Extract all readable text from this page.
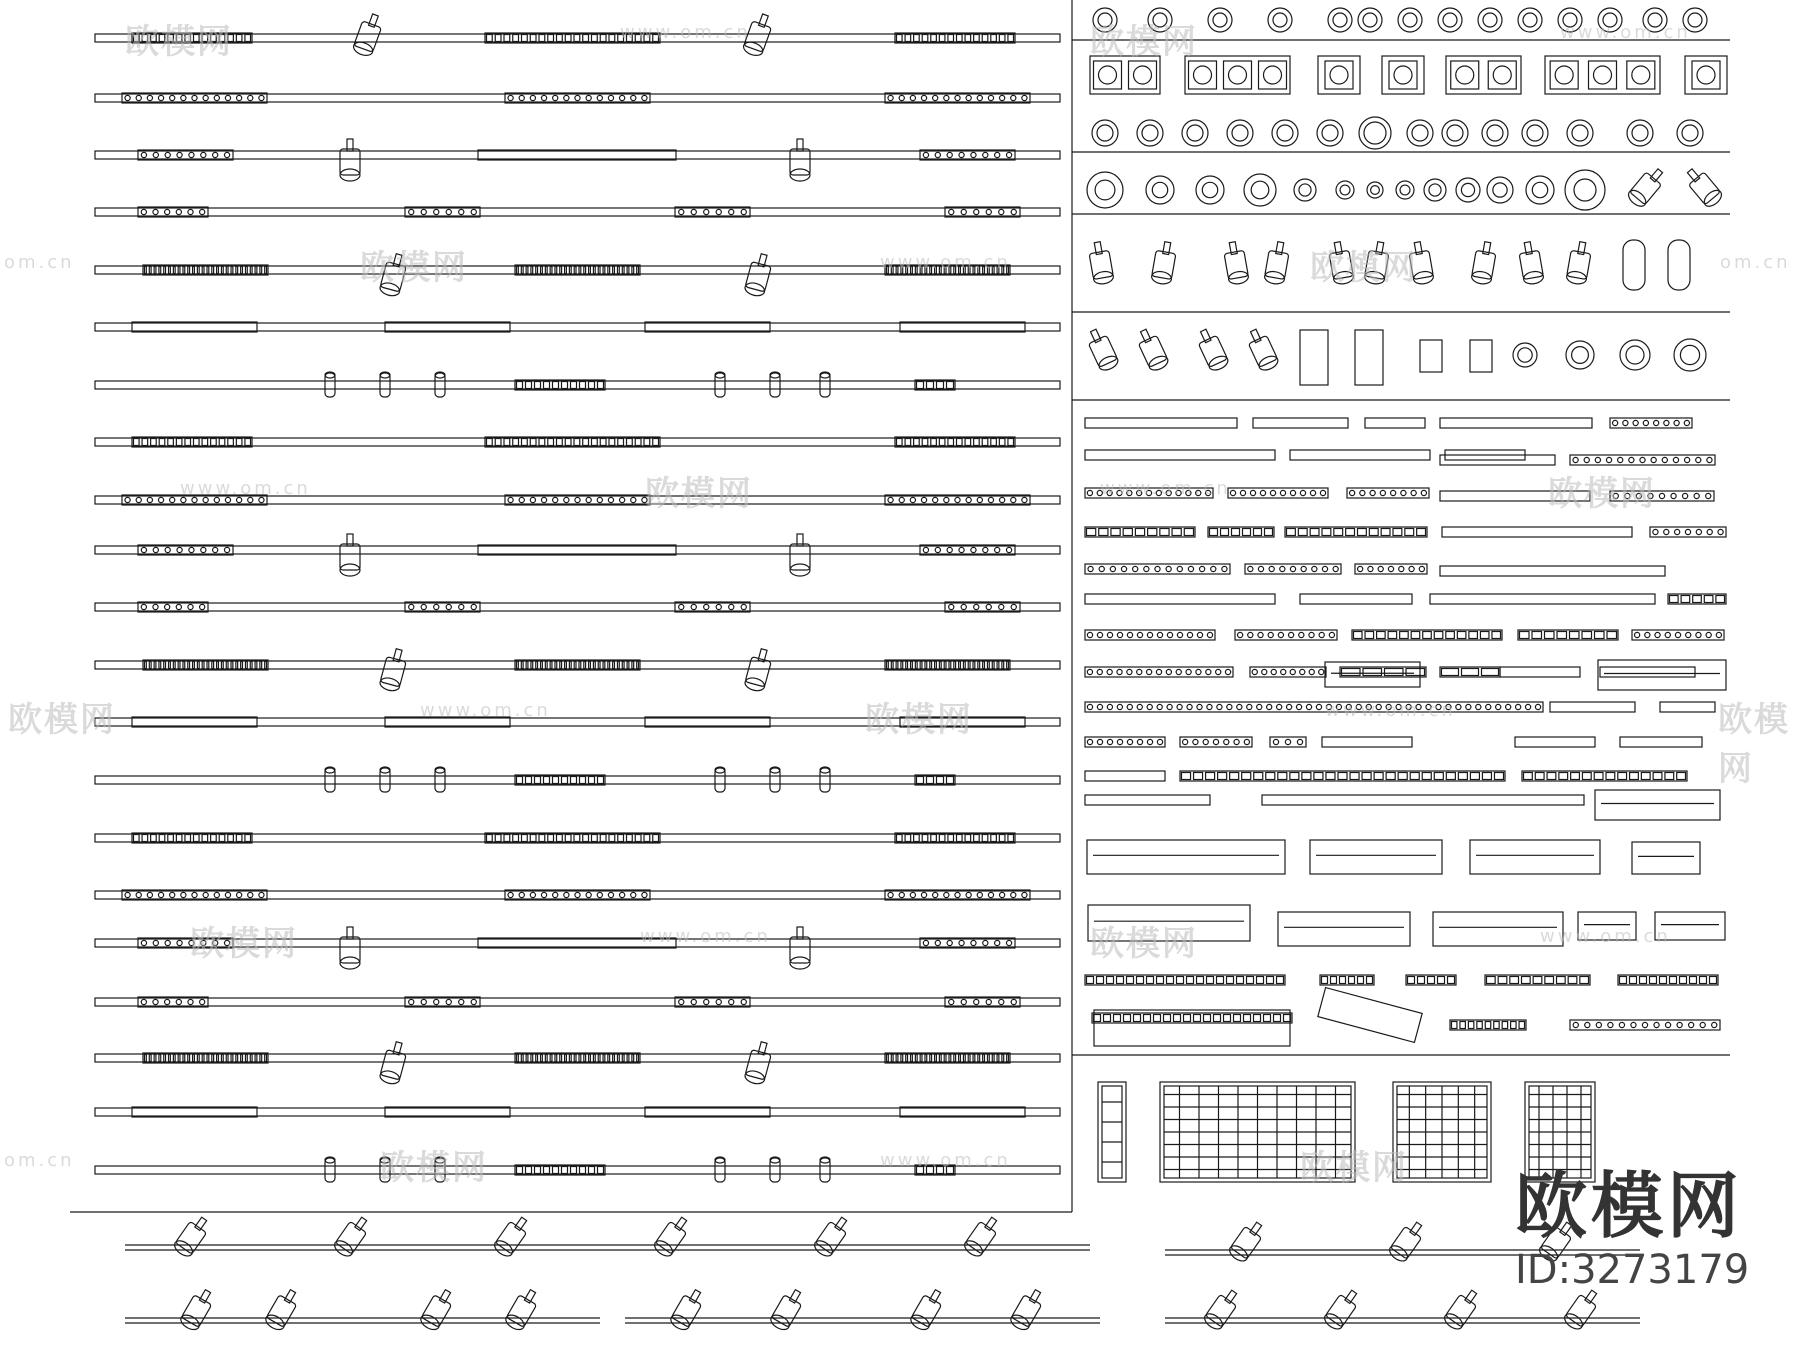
欧模网	www.om.cn	欧模网	www.om.cn
om.cn	欧模网	www.om.cn	欧模网	om.cn
www.om.cn	欧模网	www.om.cn	欧模网
欧模网	www.om.cn	欧模网	www.om.cn	欧模网
欧模网	www.om.cn	欧模网	www.om.cn
om.cn	欧模网	www.om.cn	欧模网 欧模网
ID:3273179
